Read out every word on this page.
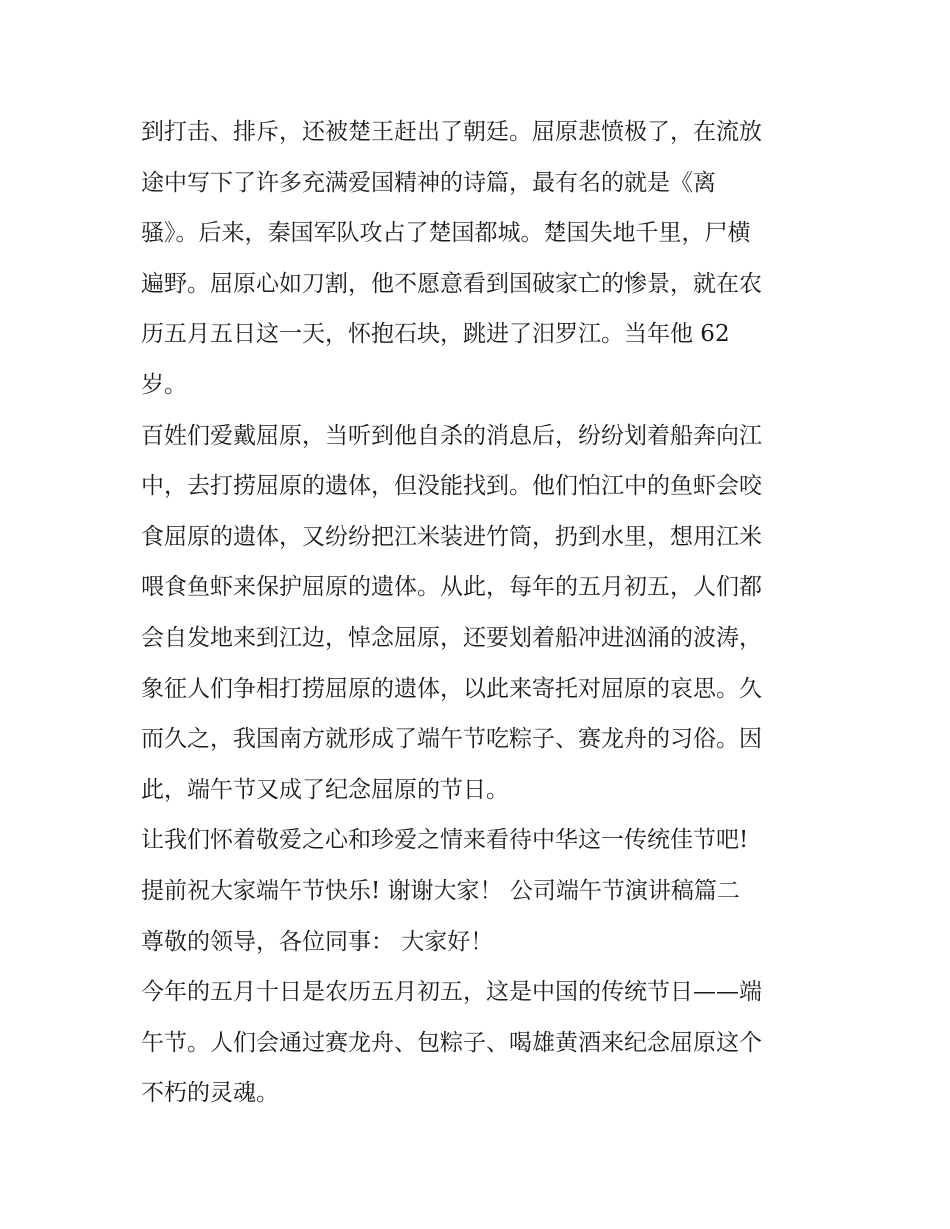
到打击、排斥，还被楚王赶出了朝廷。屈原悲愤极了，在流放
途中写下了许多充满爱国精神的诗篇，最有名的就是《离
骚》。后来，秦国军队攻占了楚国都城。楚国失地千里，尸横
遍野。屈原心如刀割，他不愿意看到国破家亡的惨景，就在农
历五月五日这一天，怀抱石块，跳进了汨罗江。当年他 62
岁。
百姓们爱戴屈原，当听到他自杀的消息后，纷纷划着船奔向江
中，去打捞屈原的遗体，但没能找到。他们怕江中的鱼虾会咬
食屈原的遗体，又纷纷把江米装进竹筒，扔到水里，想用江米
喂食鱼虾来保护屈原的遗体。从此，每年的五月初五，人们都
会自发地来到江边，悼念屈原，还要划着船冲进汹涌的波涛，
象征人们争相打捞屈原的遗体，以此来寄托对屈原的哀思。久
而久之，我国南方就形成了端午节吃粽子、赛龙舟的习俗。因
此，端午节又成了纪念屈原的节日。
让我们怀着敬爱之心和珍爱之情来看待中华这一传统佳节吧!
提前祝大家端午节快乐! 谢谢大家！ 公司端午节演讲稿篇二
尊敬的领导，各位同事： 大家好！
今年的五月十日是农历五月初五，这是中国的传统节日——端
午节。人们会通过赛龙舟、包粽子、喝雄黄酒来纪念屈原这个
不朽的灵魂。
